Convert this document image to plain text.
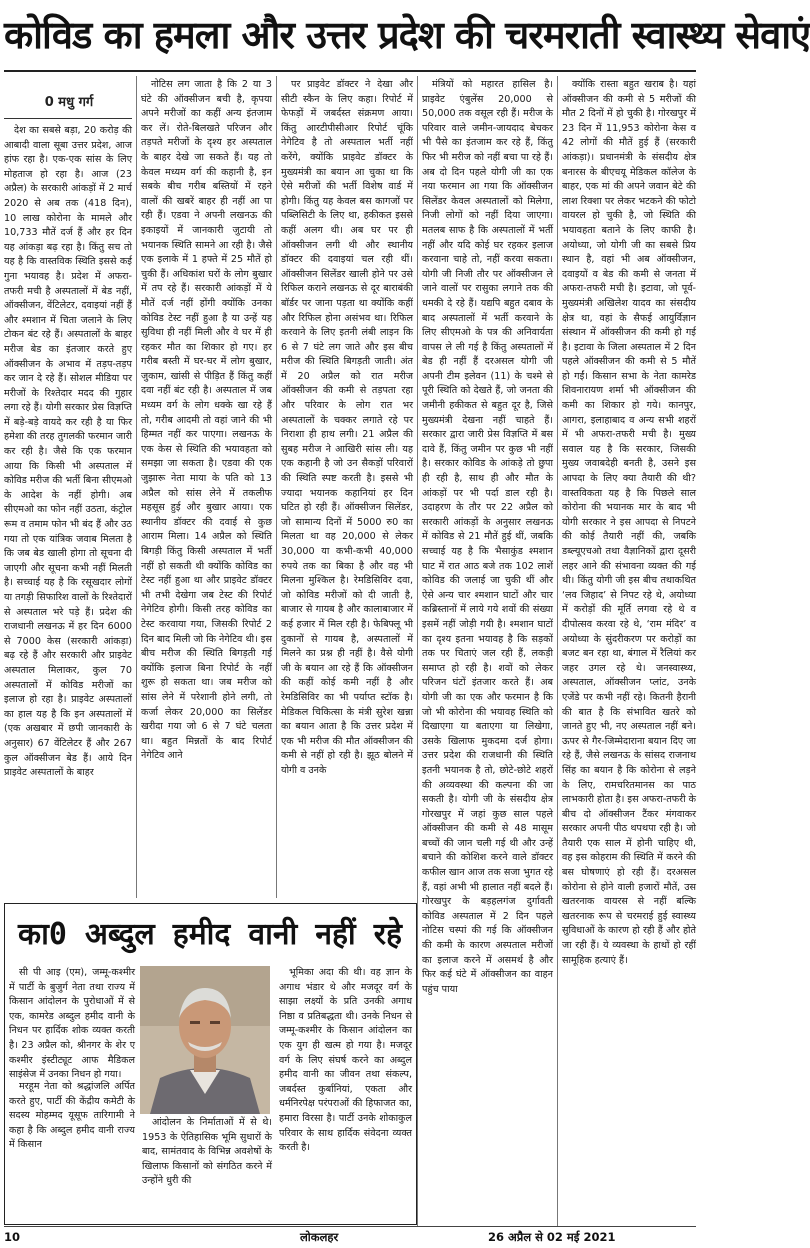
कोविड का हमला और उत्तर प्रदेश की चरमराती स्वास्थ्य सेवाएं
0 मधु गर्ग

देश का सबसे बड़ा, 20 करोड़ की आबादी वाला सूबा उत्तर प्रदेश, आज हांफ रहा है। एक-एक सांस के लिए मोहताज हो रहा है। आज (23 अप्रैल) के सरकारी आंकड़ों में 2 मार्च 2020 से अब तक (418 दिन), 10 लाख कोरोना के मामले और 10,733 मौतें दर्ज हैं और हर दिन यह आंकड़ा बढ़ रहा है। किंतु सच तो यह है कि वास्तविक स्थिति इससे कई गुना भयावह है। प्रदेश में अफरा-तफरी मची है अस्पतालों में बेड नहीं, ऑक्सीजन, वेंटिलेटर, दवाइयां नहीं हैं और श्मशान में चिता जलाने के लिए टोकन बंट रहे हैं। अस्पतालों के बाहर मरीज बेड का इंतजार करते हुए ऑक्सीजन के अभाव में तड़प-तड़प कर जान दे रहे हैं। सोशल मीडिया पर मरीजों के रिश्तेदार मदद की गुहार लगा रहे हैं। योगी सरकार प्रेस विज्ञप्ति में बड़े-बड़े वायदे कर रही है या फिर हमेशा की तरह तुगलकी फरमान जारी कर रही है। जैसे कि एक फरमान आया कि किसी भी अस्पताल में कोविड मरीज की भर्ती बिना सीएमओ के आदेश के नहीं होगी। अब सीएमओ का फोन नहीं उठता, कंट्रोल रूम व तमाम फोन भी बंद हैं और उठ गया तो एक यांत्रिक जवाब मिलता है कि जब बेड खाली होगा तो सूचना दी जाएगी और सूचना कभी नहीं मिलती है। सच्चाई यह है कि रसूखदार लोगों या तगड़ी सिफारिश वालों के रिश्तेदारों से अस्पताल भरे पड़े हैं। प्रदेश की राजधानी लखनऊ में हर दिन 6000 से 7000 केस (सरकारी आंकड़ा) बढ़ रहे हैं और सरकारी और प्राइवेट अस्पताल मिलाकर, कुल 70 अस्पतालों में कोविड मरीजों का इलाज हो रहा है। प्राइवेट अस्पतालों का हाल यह है कि इन अस्पतालों में (एक अखबार में छपी जानकारी के अनुसार) 67 वेंटिलेटर हैं और 267 कुल ऑक्सीजन बेड हैं। आये दिन प्राइवेट अस्पतालों के बाहर

नोटिस लग जाता है कि 2 या 3 घंटे की ऑक्सीजन बची है, कृपया अपने मरीजों का कहीं अन्य इंतजाम कर लें। रोते-बिलखते परिजन और तड़पते मरीजों के दृश्य हर अस्पताल के बाहर देखे जा सकते हैं। यह तो केवल मध्यम वर्ग की कहानी है, इन सबके बीच गरीब बस्तियों में रहने वालों की खबरें बाहर ही नहीं आ पा रही हैं। एडवा ने अपनी लखनऊ की इकाइयों में जानकारी जुटायी तो भयानक स्थिति सामने आ रही है। जैसे एक इलाके में 1 हफ्ते में 25 मौतें हो चुकी हैं। अधिकांश घरों के लोग बुखार में तप रहे हैं। सरकारी आंकड़ों में ये मौतें दर्ज नहीं होंगी क्योंकि उनका कोविड टेस्ट नहीं हुआ है या उन्हें यह सुविधा ही नहीं मिली और वे घर में ही रहकर मौत का शिकार हो गए। हर गरीब बस्ती में घर-घर में लोग बुखार, जुकाम, खांसी से पीड़ित हैं किंतु कहीं दवा नहीं बंट रही है। अस्पताल में जब मध्यम वर्ग के लोग धक्के खा रहे हैं तो, गरीब आदमी तो वहां जाने की भी हिम्मत नहीं कर पाएगा। लखनऊ के एक केस से स्थिति की भयावहता को समझा जा सकता है। एडवा की एक जुझारू नेता माया के पति को 13 अप्रैल को सांस लेने में तकलीफ महसूस हुई और बुखार आया। एक स्थानीय डॉक्टर की दवाई से कुछ आराम मिला। 14 अप्रैल को स्थिति बिगड़ी किंतु किसी अस्पताल में भर्ती नहीं हो सकती थी क्योंकि कोविड का टेस्ट नहीं हुआ था और प्राइवेट डॉक्टर भी तभी देखेगा जब टेस्ट की रिपोर्ट नेगेटिव होगी। किसी तरह कोविड का टेस्ट करवाया गया, जिसकी रिपोर्ट 2 दिन बाद मिली जो कि नेगेटिव थी। इस बीच मरीज की स्थिति बिगड़ती गई क्योंकि इलाज बिना रिपोर्ट के नहीं शुरू हो सकता था। जब मरीज को सांस लेने में परेशानी होने लगी, तो कर्जा लेकर 20,000 का सिलेंडर खरीदा गया जो 6 से 7 घंटे चलता था। बहुत मिन्नतों के बाद रिपोर्ट नेगेटिव आने

पर प्राइवेट डॉक्टर ने देखा और सीटी स्कैन के लिए कहा। रिपोर्ट में फेफड़ों में जबर्दस्त संक्रमण आया। किंतु आरटीपीसीआर रिपोर्ट चूंकि नेगेटिव है तो अस्पताल भर्ती नहीं करेंगे, क्योंकि प्राइवेट डॉक्टर के मुख्यमंत्री का बयान आ चुका था कि ऐसे मरीजों की भर्ती विशेष वार्ड में होगी। किंतु यह केवल बस कागजों पर पब्लिसिटी के लिए था, हकीकत इससे कहीं अलग थी। अब घर पर ही ऑक्सीजन लगी थी और स्थानीय डॉक्टर की दवाइयां चल रही थीं। ऑक्सीजन सिलेंडर खाली होने पर उसे रिफिल कराने लखनऊ से दूर बाराबंकी बॉर्डर पर जाना पड़ता था क्योंकि कहीं और रिफिल होना असंभव था। रिफिल करवाने के लिए इतनी लंबी लाइन कि 6 से 7 घंटे लग जाते और इस बीच मरीज की स्थिति बिगड़ती जाती। अंत में 20 अप्रैल को रात मरीज ऑक्सीजन की कमी से तड़पता रहा और परिवार के लोग रात भर अस्पतालों के चक्कर लगाते रहे पर निराशा ही हाथ लगी। 21 अप्रैल की सुबह मरीज ने आखिरी सांस ली। यह एक कहानी है जो उन सैकड़ों परिवारों की स्थिति स्पष्ट करती है। इससे भी ज्यादा भयानक कहानियां हर दिन घटित हो रही हैं। ऑक्सीजन सिलेंडर, जो सामान्य दिनों में 5000 रु0 का मिलता था वह 20,000 से लेकर 30,000 या कभी-कभी 40,000 रुपये तक का बिका है और वह भी मिलना मुश्किल है। रेमडिसिविर दवा, जो कोविड मरीजों को दी जाती है, बाजार से गायब है और कालाबाजार में कई हजार में मिल रही है। फेबिफ्लू भी दुकानों से गायब है, अस्पतालों में मिलने का प्रश्न ही नहीं है। वैसे योगी जी के बयान आ रहे हैं कि ऑक्सीजन की कहीं कोई कमी नहीं है और रेमडिसिविर का भी पर्याप्त स्टॉक है। मेडिकल चिकित्सा के मंत्री सुरेश खन्ना का बयान आता है कि उत्तर प्रदेश में एक भी मरीज की मौत ऑक्सीजन की कमी से नहीं हो रही है। झूठ बोलने में योगी व उनके

मंत्रियों को महारत हासिल है। प्राइवेट एंबुलेंस 20,000 से 50,000 तक वसूल रही हैं। मरीज के परिवार वाले जमीन-जायदाद बेचकर भी पैसे का इंतजाम कर रहे हैं, किंतु फिर भी मरीज को नहीं बचा पा रहे हैं। अब दो दिन पहले योगी जी का एक नया फरमान आ गया कि ऑक्सीजन सिलेंडर केवल अस्पतालों को मिलेगा, निजी लोगों को नहीं दिया जाएगा। मतलब साफ है कि अस्पतालों में भर्ती नहीं और यदि कोई घर रहकर इलाज करवाना चाहे तो, नहीं करवा सकता। योगी जी निजी तौर पर ऑक्सीजन ले जाने वालों पर रासुका लगाने तक की धमकी दे रहे हैं। यद्यपि बहुत दबाव के बाद अस्पतालों में भर्ती करवाने के लिए सीएमओ के पत्र की अनिवार्यता वापस ले ली गई है किंतु अस्पतालों में बेड ही नहीं हैं दरअसल योगी जी अपनी टीम इलेवन (11) के चश्मे से पूरी स्थिति को देखते हैं, जो जनता की जमीनी हकीकत से बहुत दूर है, जिसे मुख्यमंत्री देखना नहीं चाहते हैं। सरकार द्वारा जारी प्रेस विज्ञप्ति में बस दावे हैं, किंतु जमीन पर कुछ भी नहीं है। सरकार कोविड के आंकड़े तो छुपा ही रही है, साथ ही और मौत के आंकड़ों पर भी पर्दा डाल रही है। उदाहरण के तौर पर 22 अप्रैल को सरकारी आंकड़ों के अनुसार लखनऊ में कोविड से 21 मौतें हुई थीं, जबकि सच्चाई यह है कि भैसाकुंड श्मशान घाट में रात आठ बजे तक 102 लाशें कोविड की जलाई जा चुकी थीं और ऐसे अन्य चार श्मशान घाटों और चार कब्रिस्तानों में लाये गये शवों की संख्या इसमें नहीं जोड़ी गयी है। श्मशान घाटों का दृश्य इतना भयावह है कि सड़कों तक पर चिताएं जल रही हैं, लकड़ी समाप्त हो रही है। शवों को लेकर परिजन घंटों इंतजार करते हैं। अब योगी जी का एक और फरमान है कि जो भी कोरोना की भयावह स्थिति को दिखाएगा या बताएगा या लिखेगा, उसके खिलाफ मुकदमा दर्ज होगा। उत्तर प्रदेश की राजधानी की स्थिति इतनी भयानक है तो, छोटे-छोटे शहरों की अव्यवस्था की कल्पना की जा सकती है। योगी जी के संसदीय क्षेत्र गोरखपुर में जहां कुछ साल पहले ऑक्सीजन की कमी से 48 मासूम बच्चों की जान चली गई थी और उन्हें बचाने की कोशिश करने वाले डॉक्टर कफील खान आज तक सजा भुगत रहे हैं, वहां अभी भी हालात नहीं बदले हैं। गोरखपुर के बड़हलगंज दुर्गावती कोविड अस्पताल में 2 दिन पहले नोटिस चस्पां की गई कि ऑक्सीजन की कमी के कारण अस्पताल मरीजों का इलाज करने में असमर्थ है और फिर कई घंटे में ऑक्सीजन का वाहन पहुंच पाया

क्योंकि रास्ता बहुत खराब है। यहां ऑक्सीजन की कमी से 5 मरीजों की मौत 2 दिनों में हो चुकी है। गोरखपुर में 23 दिन में 11,953 कोरोना केस व 42 लोगों की मौतें हुई हैं (सरकारी आंकड़ा)। प्रधानमंत्री के संसदीय क्षेत्र बनारस के बीएचयू मेडिकल कॉलेज के बाहर, एक मां की अपने जवान बेटे की लाश रिक्शा पर लेकर भटकने की फोटो वायरल हो चुकी है, जो स्थिति की भयावहता बताने के लिए काफी है। अयोध्या, जो योगी जी का सबसे प्रिय स्थान है, वहां भी अब ऑक्सीजन, दवाइयों व बेड की कमी से जनता में अफरा-तफरी मची है। इटावा, जो पूर्व-मुख्यमंत्री अखिलेश यादव का संसदीय क्षेत्र था, वहां के सैफई आयुर्विज्ञान संस्थान में ऑक्सीजन की कमी हो गई है। इटावा के जिला अस्पताल में 2 दिन पहले ऑक्सीजन की कमी से 5 मौतें हो गईं। किसान सभा के नेता कामरेड शिवनारायण शर्मा भी ऑक्सीजन की कमी का शिकार हो गये। कानपुर, आगरा, इलाहाबाद व अन्य सभी शहरों में भी अफरा-तफरी मची है। मुख्य सवाल यह है कि सरकार, जिसकी मुख्य जवाबदेही बनती है, उसने इस आपदा के लिए क्या तैयारी की थी? वास्तविकता यह है कि पिछले साल कोरोना की भयानक मार के बाद भी योगी सरकार ने इस आपदा से निपटने की कोई तैयारी नहीं की, जबकि डब्ल्यूएचओ तथा वैज्ञानिकों द्वारा दूसरी लहर आने की संभावना व्यक्त की गई थी। किंतु योगी जी इस बीच तथाकथित ‘लव जिहाद’ से निपट रहे थे, अयोध्या में करोड़ों की मूर्ति लगवा रहे थे व दीपोत्सव करवा रहे थे, ‘राम मंदिर’ व अयोध्या के सुंदरीकरण पर करोड़ों का बजट बन रहा था, बंगाल में रैलियां कर जहर उगल रहे थे। जनस्वास्थ्य, अस्पताल, ऑक्सीजन प्लांट, उनके एजेंडे पर कभी नहीं रहे। कितनी हैरानी की बात है कि संभावित खतरे को जानते हुए भी, नए अस्पताल नहीं बने। ऊपर से गैर-जिम्मेदाराना बयान दिए जा रहे हैं, जैसे लखनऊ के सांसद राजनाथ सिंह का बयान है कि कोरोना से लड़ने के लिए, रामचरितमानस का पाठ लाभकारी होता है। इस अफरा-तफरी के बीच दो ऑक्सीजन टैंकर मंगवाकर सरकार अपनी पीठ थपथपा रही है। जो तैयारी एक साल में होनी चाहिए थी, वह इस कोहराम की स्थिति में करने की बस घोषणाएं हो रही हैं। दरअसल कोरोना से होने वाली हजारों मौतें, उस खतरनाक वायरस से नहीं बल्कि खतरनाक रूप से चरमराई हुई स्वास्थ्य सुविधाओं के कारण हो रही हैं और होते जा रही हैं। ये व्यवस्था के हाथों हो रहीं सामूहिक हत्याएं हैं।

का0 अब्दुल हमीद वानी नहीं रहे

सी पी आइ (एम), जम्मू-कश्मीर में पार्टी के बुजुर्ग नेता तथा राज्य में किसान आंदोलन के पुरोधाओं में से एक, कामरेड अब्दुल हमीद वानी के निधन पर हार्दिक शोक व्यक्त करती है। 23 अप्रैल को, श्रीनगर के शेर ए कश्मीर इंस्टीट्यूट आफ मैडिकल साइंसेज में उनका निधन हो गया।

मरहूम नेता को श्रद्धांजलि अर्पित करते हुए, पार्टी की केंद्रीय कमेटी के सदस्य मोहम्मद यूसूफ तारिगामी ने कहा है कि अब्दुल हमीद वानी राज्य में किसान

आंदोलन के निर्माताओं में से थे। 1953 के ऐतिहासिक भूमि सुधारों के बाद, सामंतवाद के विभिन्न अवशेषों के खिलाफ किसानों को संगठित करने में उन्होंने धुरी की

भूमिका अदा की थी। वह ज्ञान के अगाध भंडार थे और मजदूर वर्ग के साझा लक्ष्यों के प्रति उनकी अगाध निष्ठा व प्रतिबद्धता थी। उनके निधन से जम्मू-कश्मीर के किसान आंदोलन का एक युग ही खत्म हो गया है। मजदूर वर्ग के लिए संघर्ष करने का अब्दुल हमीद वानी का जीवन तथा संकल्प, जबर्दस्त कुर्बानियां, एकता और धर्मनिरपेक्ष परंपराओं की हिफाजत का, हमारा विरसा है। पार्टी उनके शोकाकुल परिवार के साथ हार्दिक संवेदना व्यक्त करती है।

10	लोकलहर	26 अप्रैल से 02 मई 2021
